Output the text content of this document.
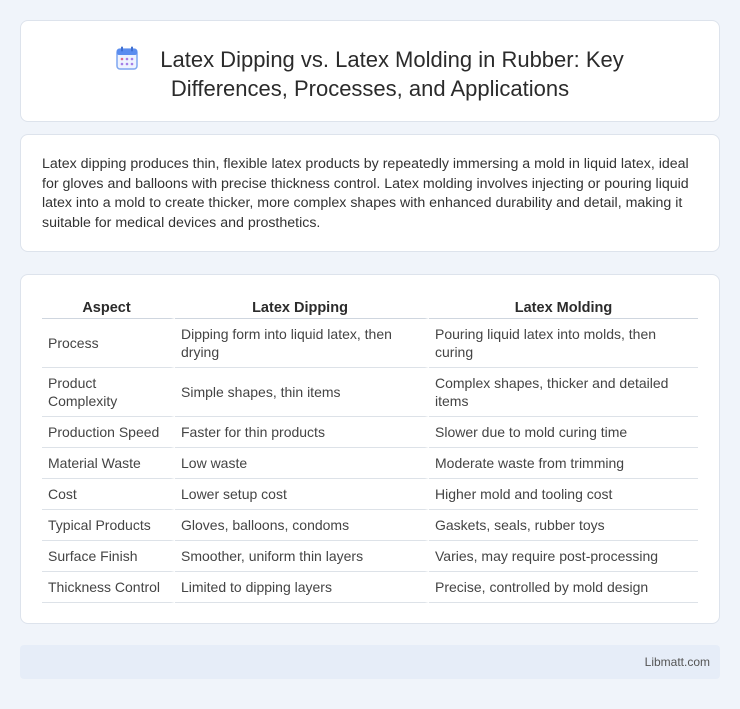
Latex Dipping vs. Latex Molding in Rubber: Key
Differences, Processes, and Applications

Latex dipping produces thin, flexible latex products by repeatedly immersing a mold in liquid latex, ideal for gloves and balloons with precise thickness control. Latex molding involves injecting or pouring liquid latex into a mold to create thicker, more complex shapes with enhanced durability and detail, making it suitable for medical devices and prosthetics.

Aspect	Latex Dipping	Latex Molding
Process	Dipping form into liquid latex, then drying	Pouring liquid latex into molds, then curing
Product Complexity	Simple shapes, thin items	Complex shapes, thicker and detailed items
Production Speed	Faster for thin products	Slower due to mold curing time
Material Waste	Low waste	Moderate waste from trimming
Cost	Lower setup cost	Higher mold and tooling cost
Typical Products	Gloves, balloons, condoms	Gaskets, seals, rubber toys
Surface Finish	Smoother, uniform thin layers	Varies, may require post-processing
Thickness Control	Limited to dipping layers	Precise, controlled by mold design
Libmatt.com
